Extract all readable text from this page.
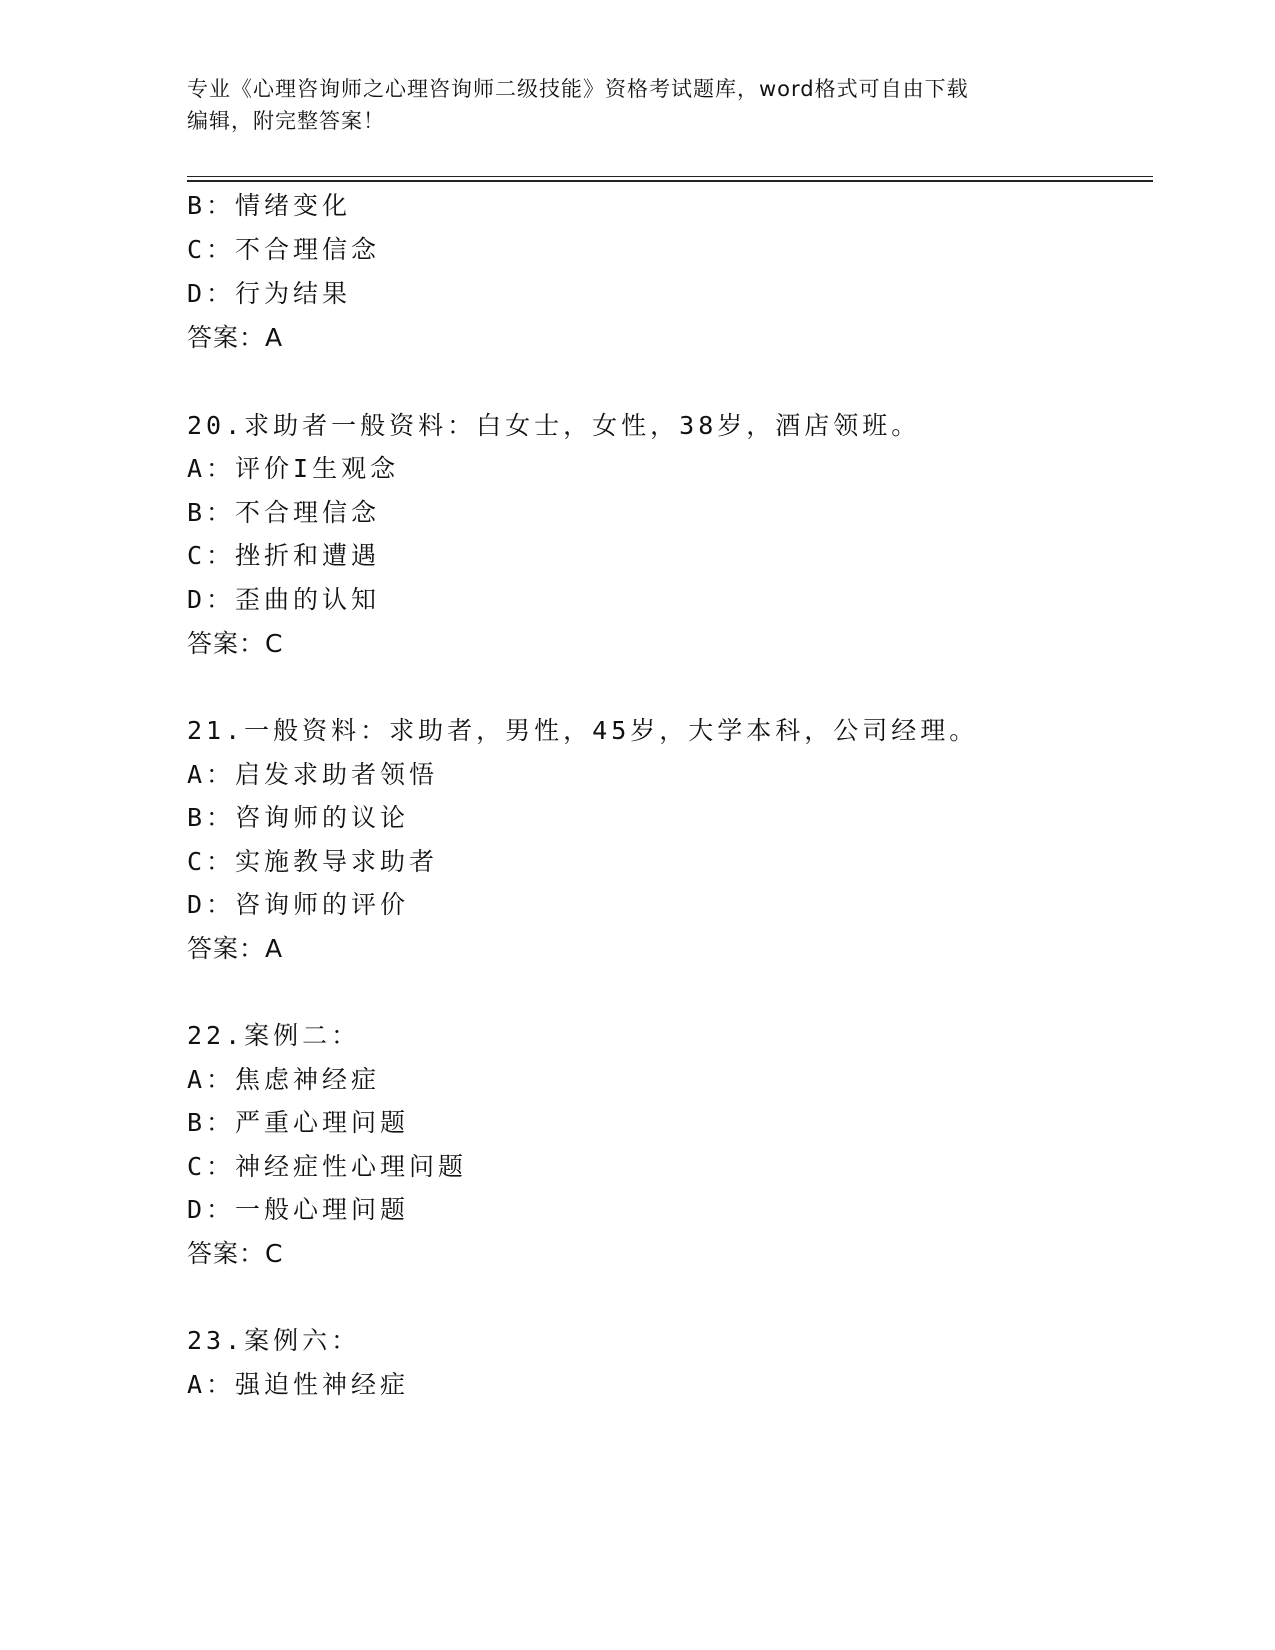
专业《心理咨询师之心理咨询师二级技能》资格考试题库，word格式可自由下载
编辑，附完整答案！
B：情绪变化
C：不合理信念
D：行为结果
答案：A
20.求助者一般资料：白女士，女性，38岁，酒店领班。
A：评价I生观念
B：不合理信念
C：挫折和遭遇
D：歪曲的认知
答案：C
21.一般资料：求助者，男性，45岁，大学本科，公司经理。
A：启发求助者领悟
B：咨询师的议论
C：实施教导求助者
D：咨询师的评价
答案：A
22.案例二：
A：焦虑神经症
B：严重心理问题
C：神经症性心理问题
D：一般心理问题
答案：C
23.案例六：
A：强迫性神经症
